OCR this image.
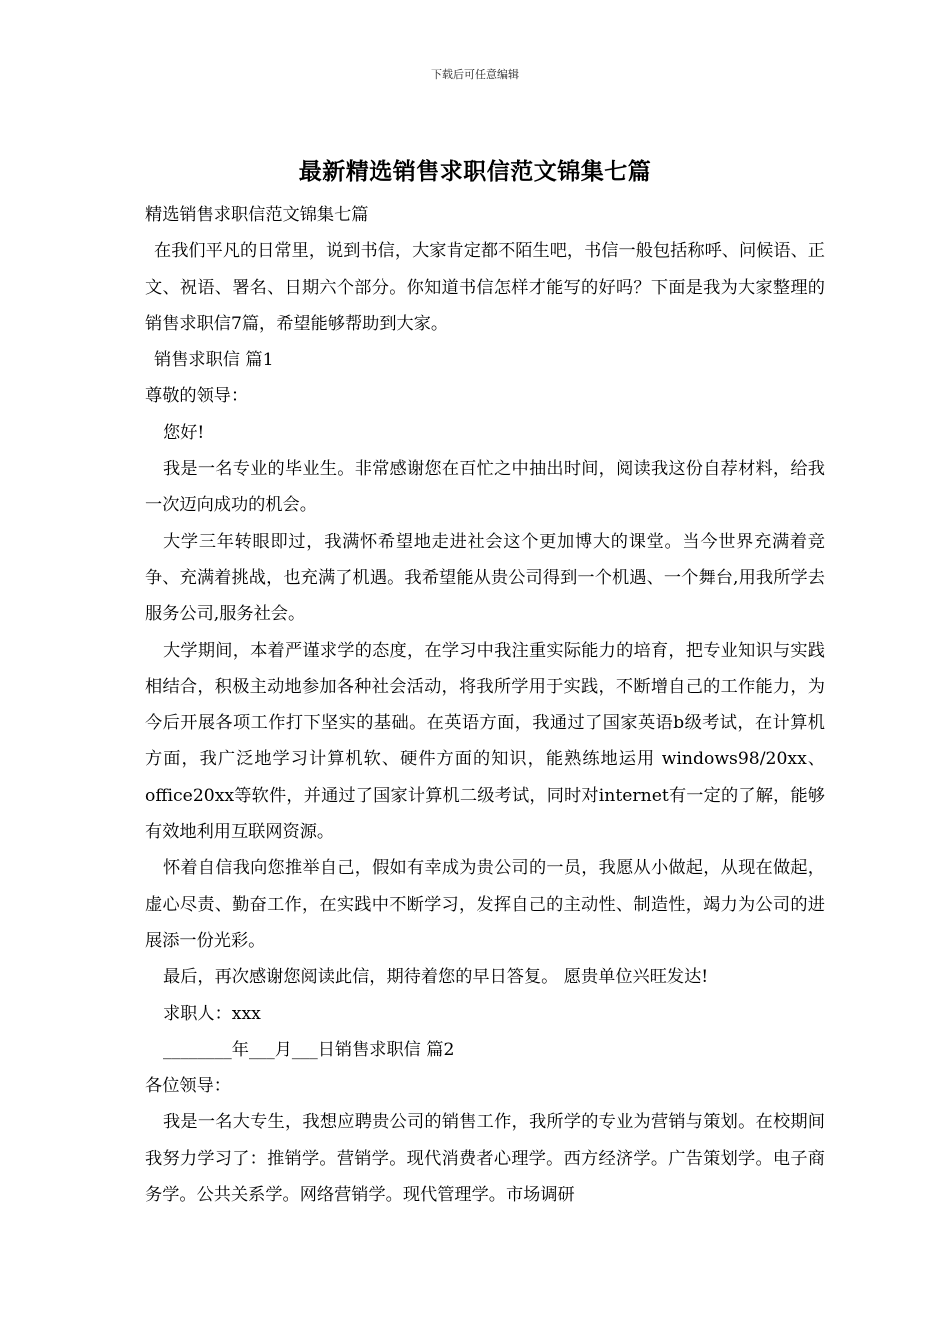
下载后可任意编辑
最新精选销售求职信范文锦集七篇

精选销售求职信范文锦集七篇

在我们平凡的日常里，说到书信，大家肯定都不陌生吧，书信一般包括称呼、问候语、正文、祝语、署名、日期六个部分。你知道书信怎样才能写的好吗？下面是我为大家整理的销售求职信7篇，希望能够帮助到大家。

销售求职信 篇1

尊敬的领导：

您好!

我是一名专业的毕业生。非常感谢您在百忙之中抽出时间，阅读我这份自荐材料，给我一次迈向成功的机会。

大学三年转眼即过，我满怀希望地走进社会这个更加博大的课堂。当今世界充满着竞争、充满着挑战，也充满了机遇。我希望能从贵公司得到一个机遇、一个舞台,用我所学去服务公司,服务社会。

大学期间，本着严谨求学的态度，在学习中我注重实际能力的培育，把专业知识与实践相结合，积极主动地参加各种社会活动，将我所学用于实践，不断增自己的工作能力，为今后开展各项工作打下坚实的基础。在英语方面，我通过了国家英语b级考试，在计算机方面，我广泛地学习计算机软、硬件方面的知识，能熟练地运用 windows98/20xx、 office20xx等软件，并通过了国家计算机二级考试，同时对internet有一定的了解，能够有效地利用互联网资源。

怀着自信我向您推举自己，假如有幸成为贵公司的一员，我愿从小做起，从现在做起，虚心尽责、勤奋工作，在实践中不断学习，发挥自己的主动性、制造性，竭力为公司的进展添一份光彩。

最后，再次感谢您阅读此信，期待着您的早日答复。 愿贵单位兴旺发达!

求职人：xxx

________年___月___日销售求职信 篇2

各位领导：

我是一名大专生，我想应聘贵公司的销售工作，我所学的专业为营销与策划。在校期间我努力学习了：推销学。营销学。现代消费者心理学。西方经济学。广告策划学。电子商务学。公共关系学。网络营销学。现代管理学。市场调研
